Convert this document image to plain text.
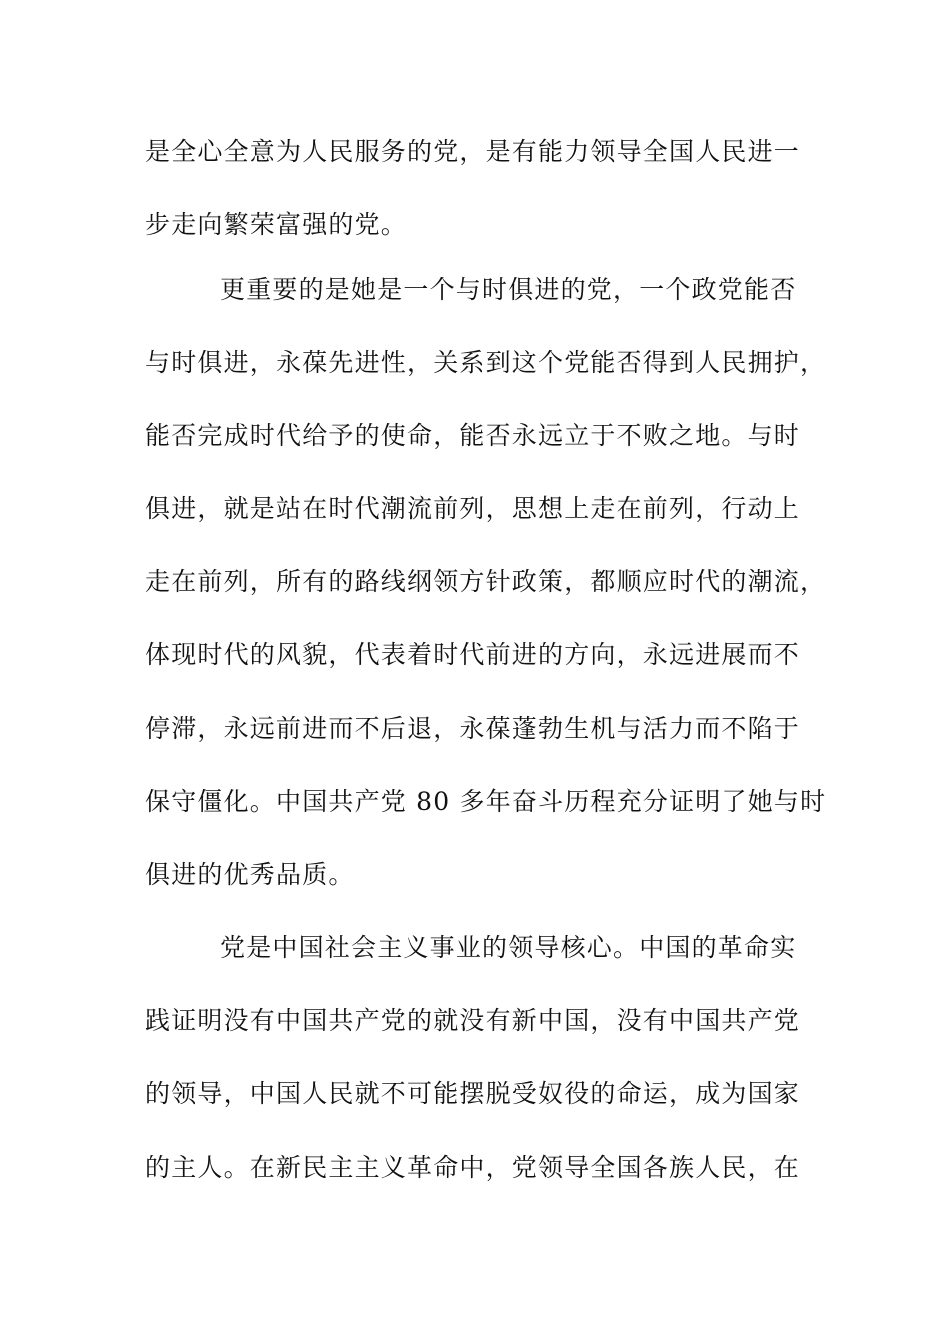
是全心全意为人民服务的党，是有能力领导全国人民进一
步走向繁荣富强的党。
更重要的是她是一个与时俱进的党，一个政党能否
与时俱进，永葆先进性，关系到这个党能否得到人民拥护，
能否完成时代给予的使命，能否永远立于不败之地。与时
俱进，就是站在时代潮流前列，思想上走在前列，行动上
走在前列，所有的路线纲领方针政策，都顺应时代的潮流，
体现时代的风貌，代表着时代前进的方向，永远进展而不
停滞，永远前进而不后退，永葆蓬勃生机与活力而不陷于
保守僵化。中国共产党 80 多年奋斗历程充分证明了她与时
俱进的优秀品质。
党是中国社会主义事业的领导核心。中国的革命实
践证明没有中国共产党的就没有新中国，没有中国共产党
的领导，中国人民就不可能摆脱受奴役的命运，成为国家
的主人。在新民主主义革命中，党领导全国各族人民，在
